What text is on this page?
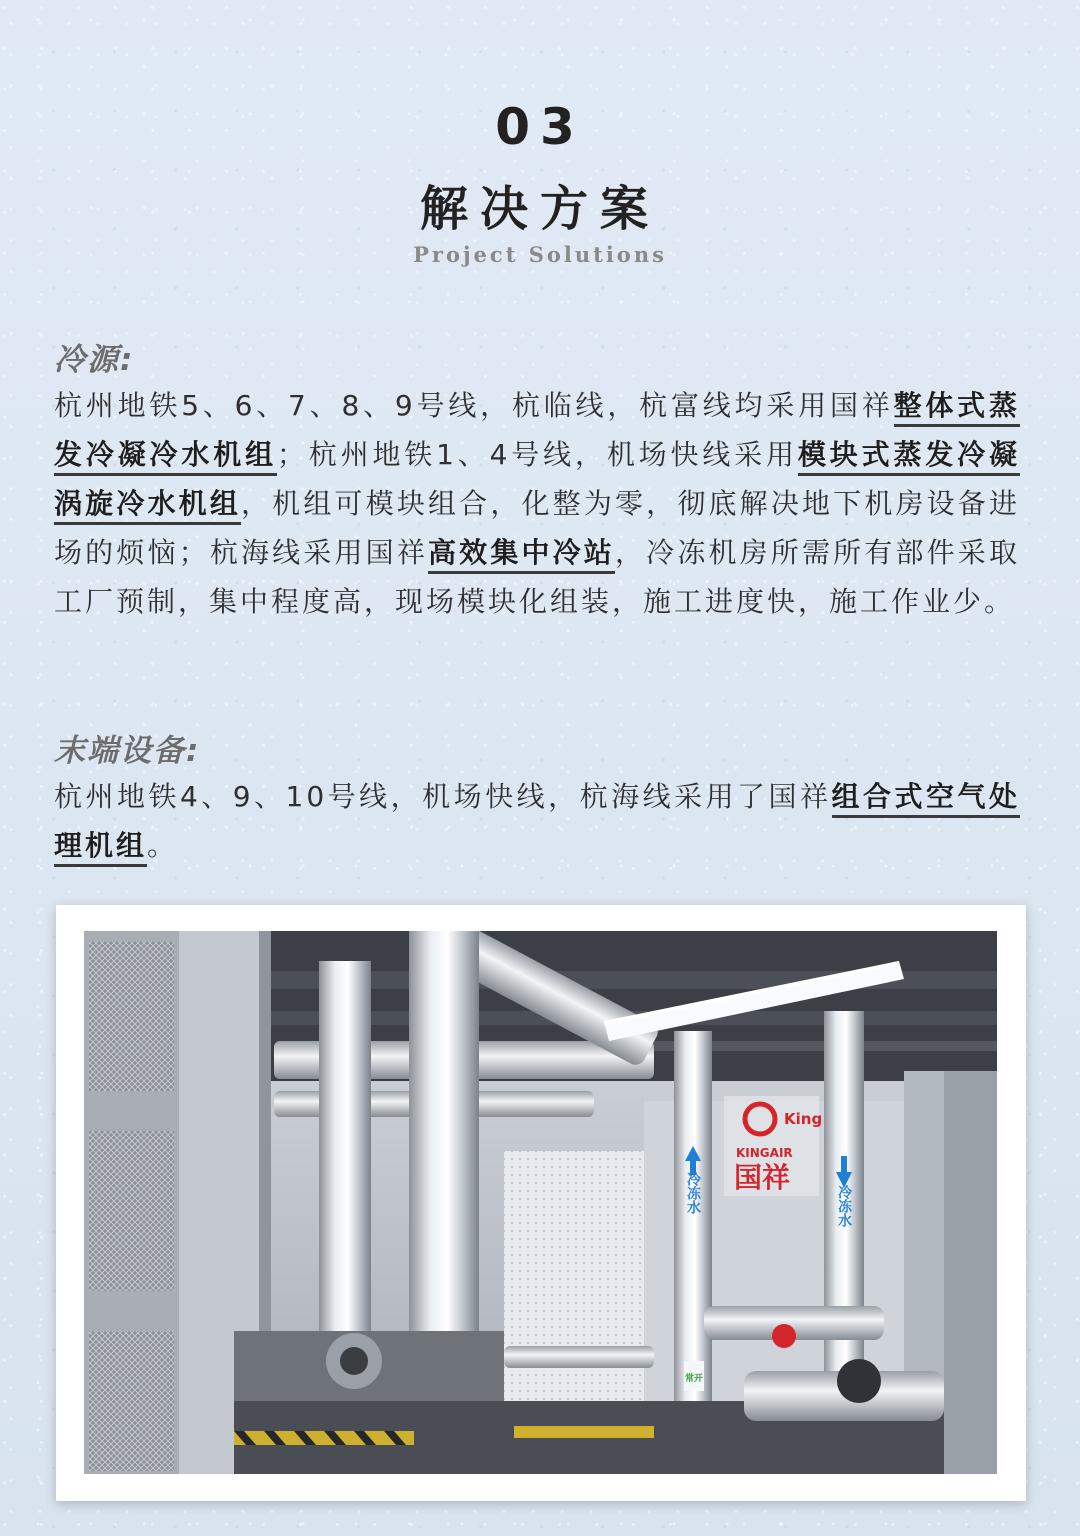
03
解决方案
Project Solutions
冷源:
杭州地铁5、6、7、8、9号线，杭临线，杭富线均采用国祥整体式蒸发冷凝冷水机组；杭州地铁1、4号线，机场快线采用模块式蒸发冷凝涡旋冷水机组，机组可模块组合，化整为零，彻底解决地下机房设备进场的烦恼；杭海线采用国祥高效集中冷站，冷冻机房所需所有部件采取工厂预制，集中程度高，现场模块化组装，施工进度快，施工作业少。
末端设备:
杭州地铁4、9、10号线，机场快线，杭海线采用了国祥组合式空气处理机组。
冷冻水	冷冻水
King
KINGAIR
国祥
常开
